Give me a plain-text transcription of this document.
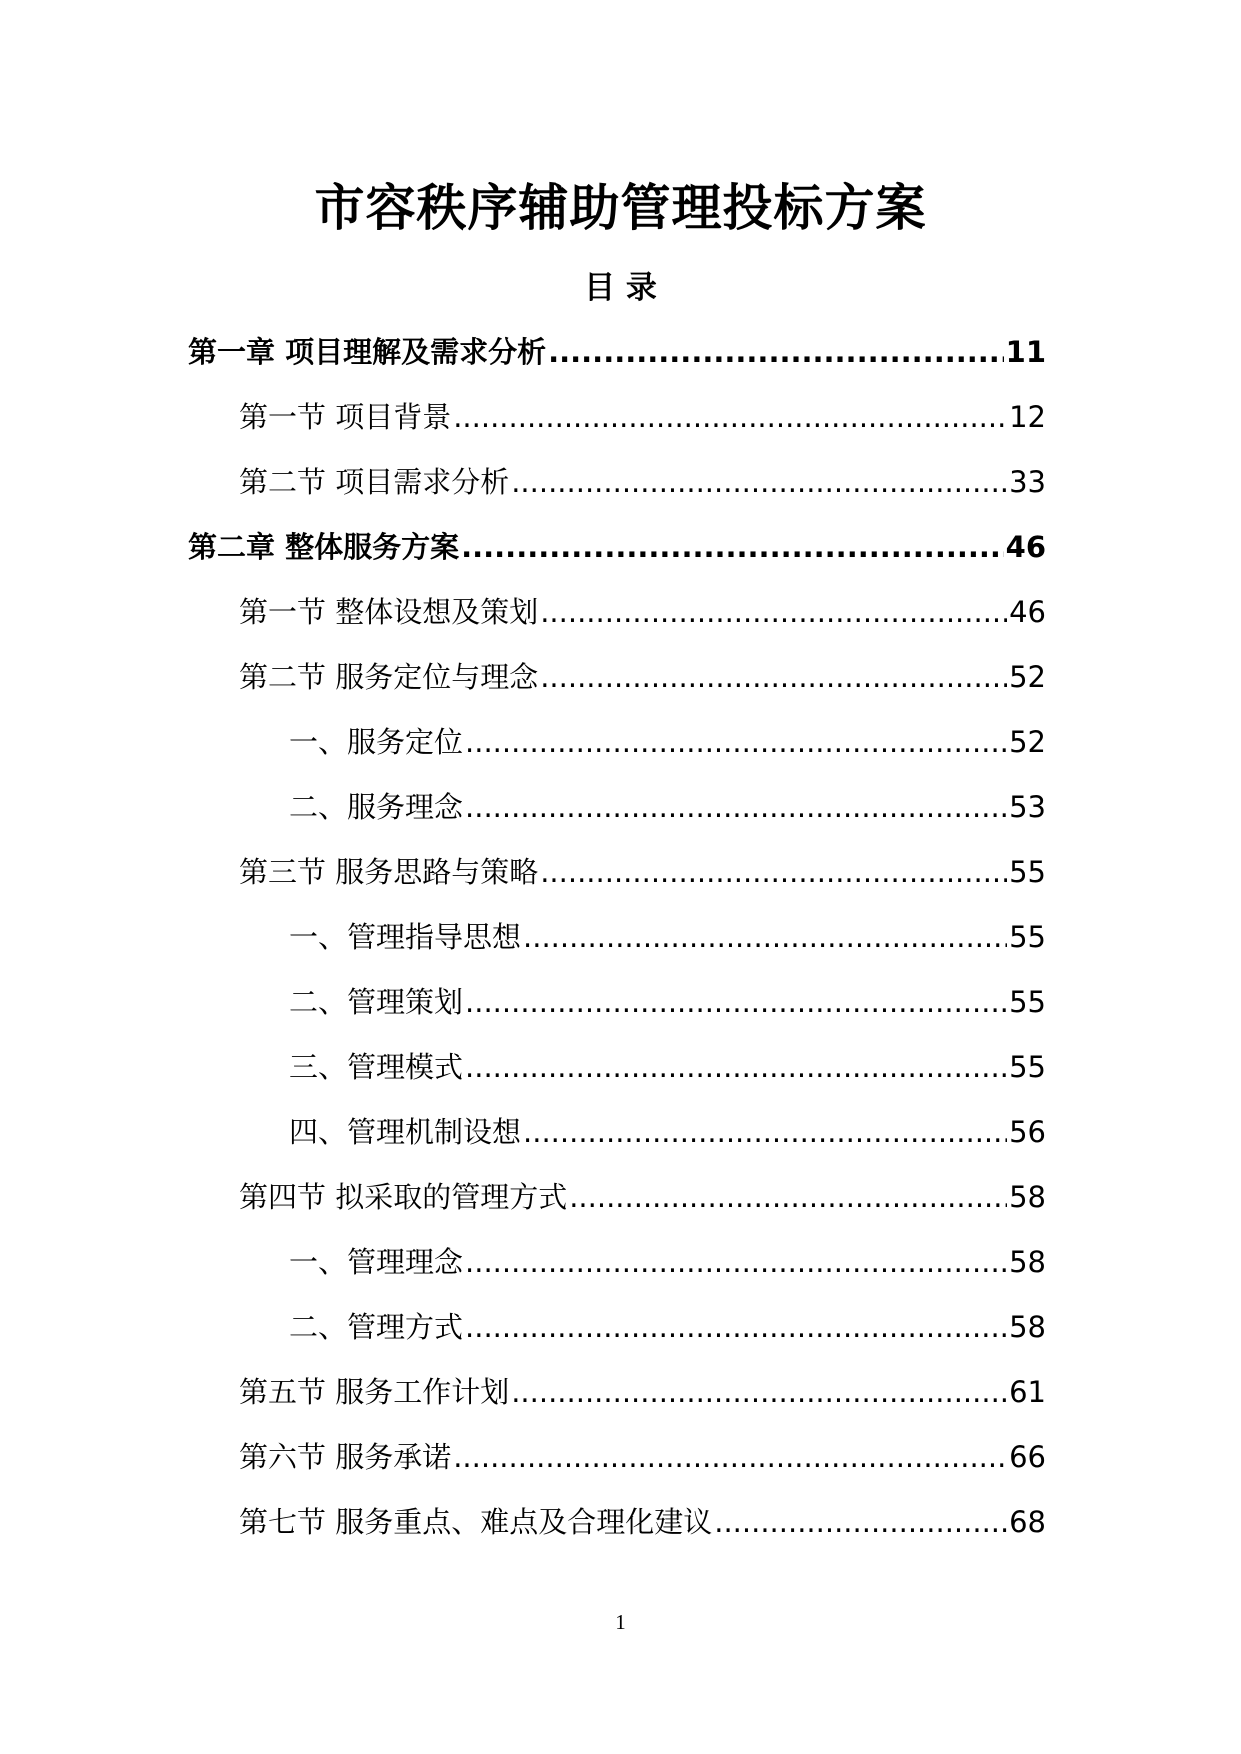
市容秩序辅助管理投标方案
目 录
第一章 项目理解及需求分析 .....	11
第一节 项目背景 .....	12
第二节 项目需求分析 .....	33
第二章 整体服务方案 .....	46
第一节 整体设想及策划 .....	46
第二节 服务定位与理念 .....	52
一、服务定位 .....	52
二、服务理念 .....	53
第三节 服务思路与策略 .....	55
一、管理指导思想 .....	55
二、管理策划 .....	55
三、管理模式 .....	55
四、管理机制设想 .....	56
第四节 拟采取的管理方式 .....	58
一、管理理念 .....	58
二、管理方式 .....	58
第五节 服务工作计划 .....	61
第六节 服务承诺 .....	66
第七节 服务重点、难点及合理化建议 .....	68
1
